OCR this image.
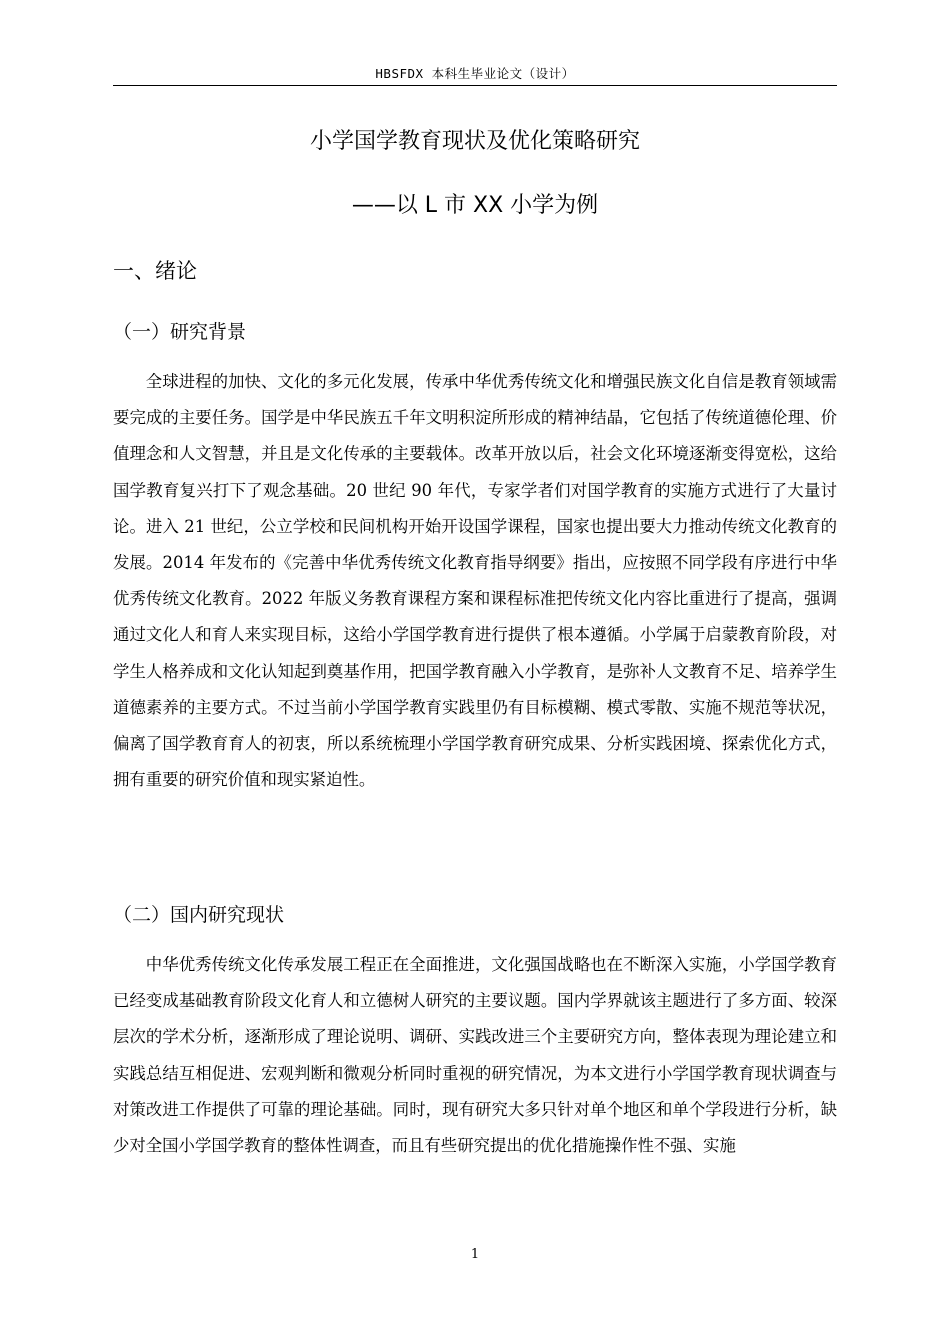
HBSFDX 本科生毕业论文（设计）
小学国学教育现状及优化策略研究
——以 L 市 XX 小学为例
一、绪论
（一）研究背景

全球进程的加快、文化的多元化发展，传承中华优秀传统文化和增强民族文化自信是教育领域需要完成的主要任务。国学是中华民族五千年文明积淀所形成的精神结晶，它包括了传统道德伦理、价值理念和人文智慧，并且是文化传承的主要载体。改革开放以后，社会文化环境逐渐变得宽松，这给国学教育复兴打下了观念基础。20 世纪 90 年代，专家学者们对国学教育的实施方式进行了大量讨论。进入 21 世纪，公立学校和民间机构开始开设国学课程，国家也提出要大力推动传统文化教育的发展。2014 年发布的《完善中华优秀传统文化教育指导纲要》指出，应按照不同学段有序进行中华优秀传统文化教育。2022 年版义务教育课程方案和课程标准把传统文化内容比重进行了提高，强调通过文化人和育人来实现目标，这给小学国学教育进行提供了根本遵循。小学属于启蒙教育阶段，对学生人格养成和文化认知起到奠基作用，把国学教育融入小学教育，是弥补人文教育不足、培养学生道德素养的主要方式。不过当前小学国学教育实践里仍有目标模糊、模式零散、实施不规范等状况，偏离了国学教育育人的初衷，所以系统梳理小学国学教育研究成果、分析实践困境、探索优化方式，拥有重要的研究价值和现实紧迫性。

（二）国内研究现状

中华优秀传统文化传承发展工程正在全面推进，文化强国战略也在不断深入实施，小学国学教育已经变成基础教育阶段文化育人和立德树人研究的主要议题。国内学界就该主题进行了多方面、较深层次的学术分析，逐渐形成了理论说明、调研、实践改进三个主要研究方向，整体表现为理论建立和实践总结互相促进、宏观判断和微观分析同时重视的研究情况，为本文进行小学国学教育现状调查与对策改进工作提供了可靠的理论基础。同时，现有研究大多只针对单个地区和单个学段进行分析，缺少对全国小学国学教育的整体性调查，而且有些研究提出的优化措施操作性不强、实施

1
